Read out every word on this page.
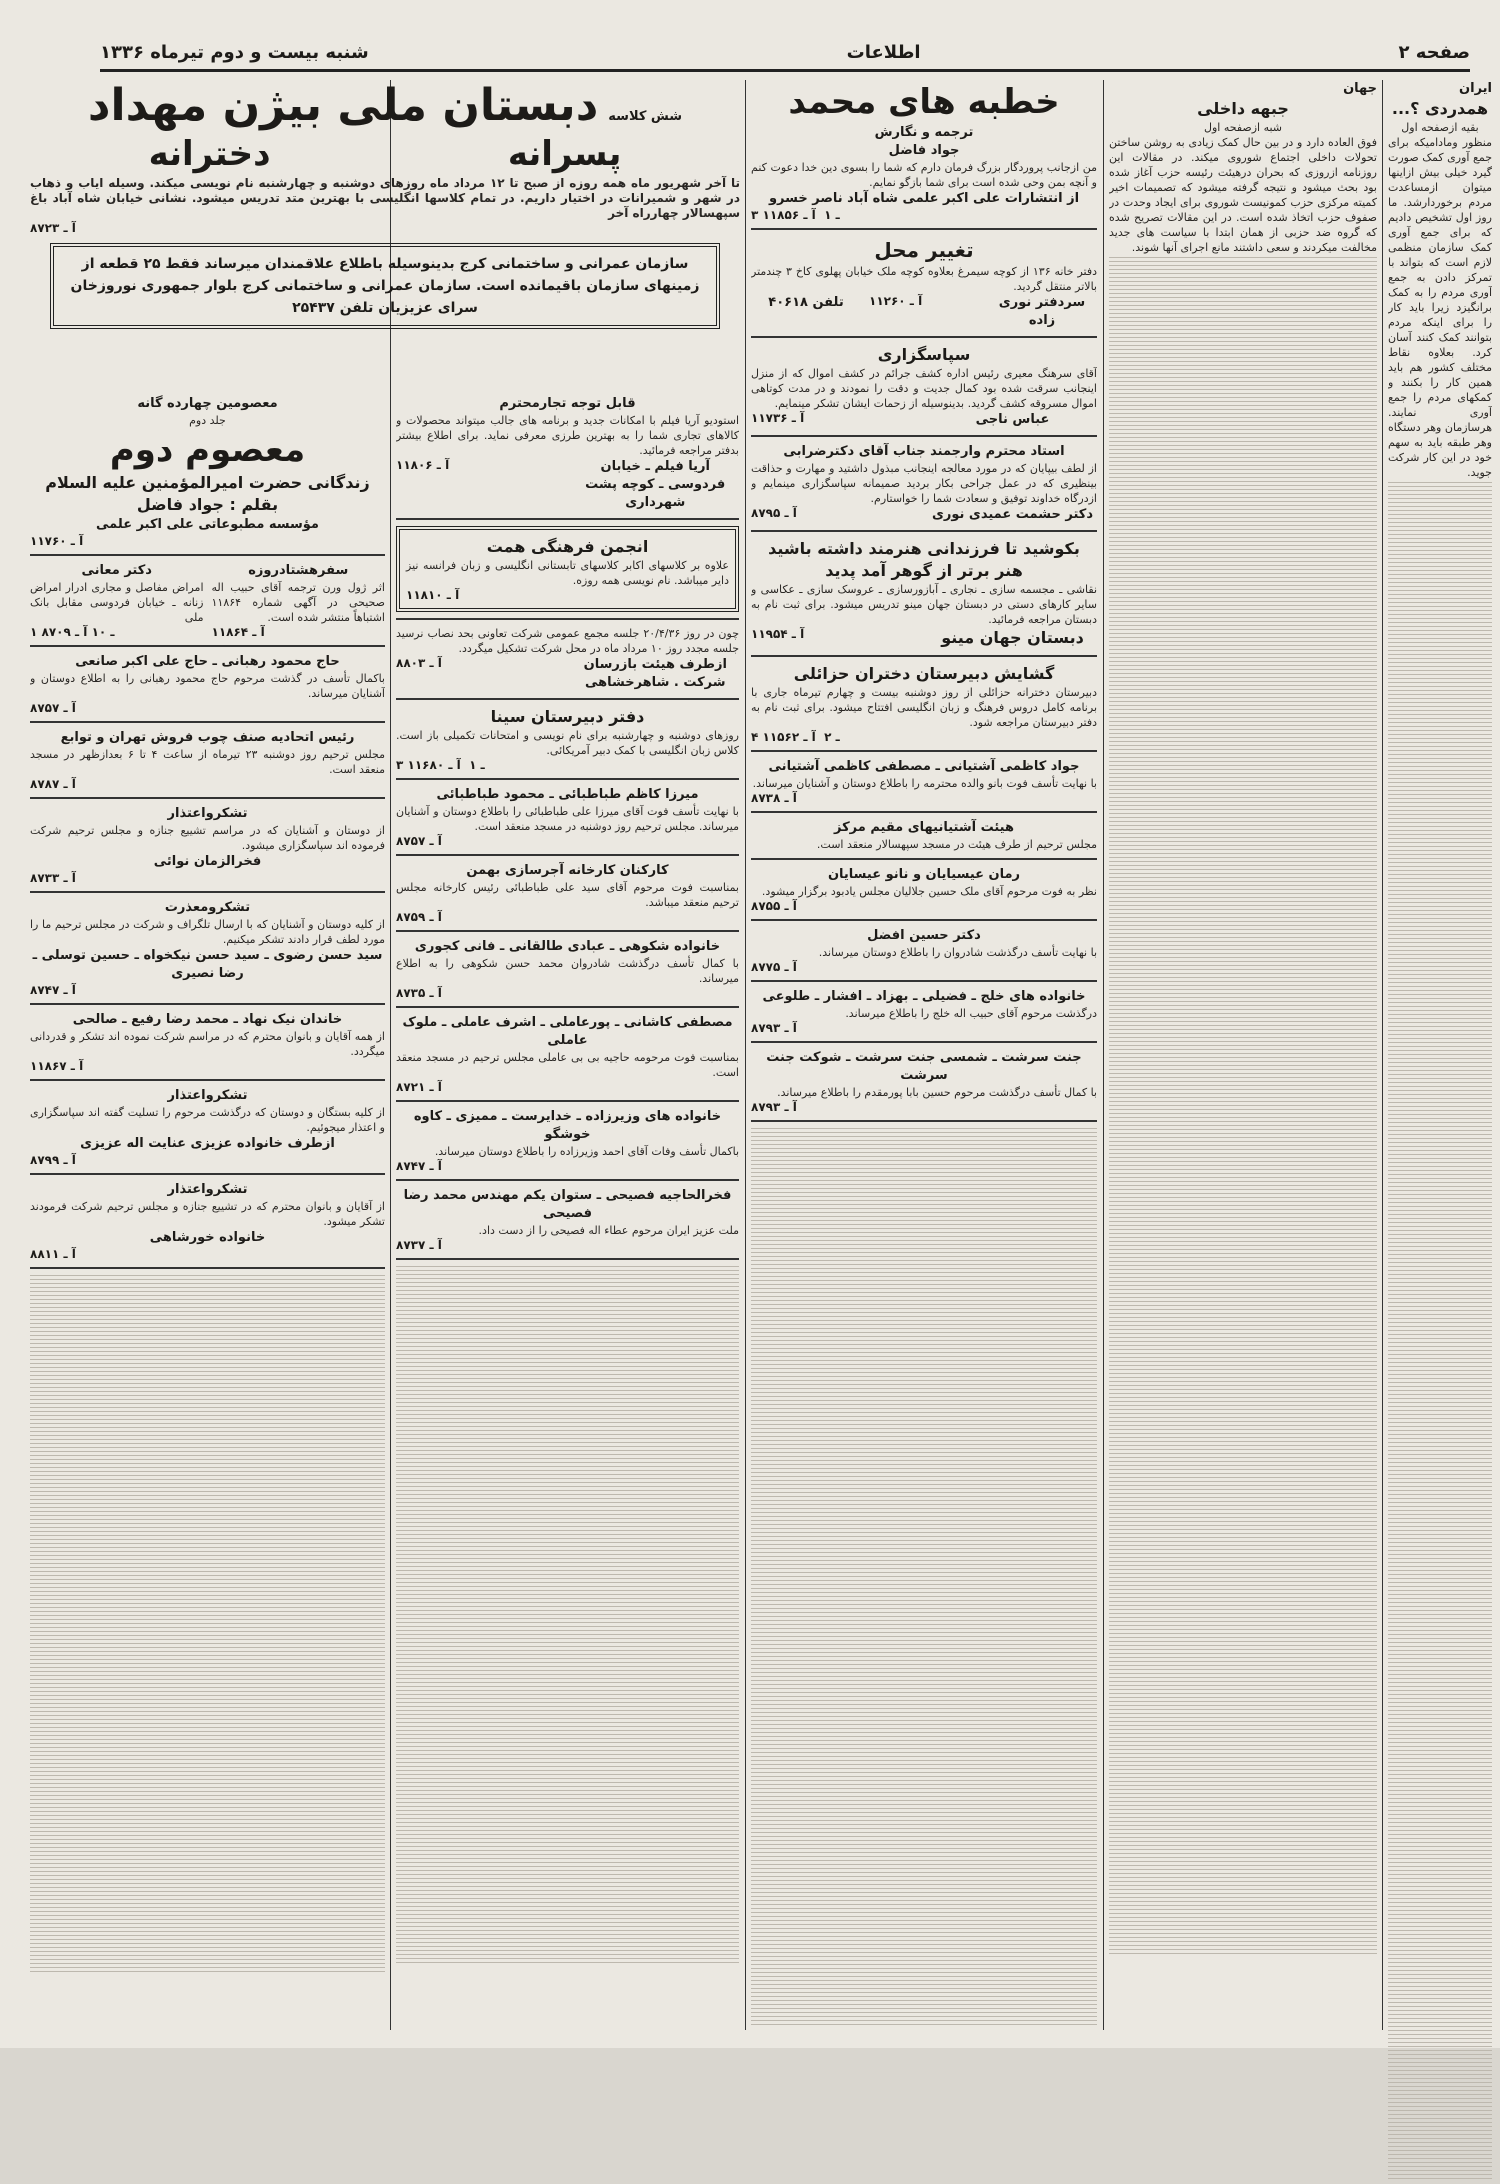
صفحه ۲
اطلاعات
شنبه بیست و دوم تیرماه ۱۳۳۶
ایران
همدردی ؟...
بقیه ازصفحه اول
منظور ومادامیکه برای جمع آوری کمک صورت گیرد خیلی بیش ازاینها میتوان ازمساعدت مردم برخوردارشد. ما روز اول تشخیص دادیم که برای جمع آوری کمک سازمان منظمی لازم است که بتواند با تمرکز دادن به جمع آوری مردم را به کمک برانگیزد زیرا باید کار را برای اینکه مردم بتوانند کمک کنند آسان کرد. بعلاوه نقاط مختلف کشور هم باید همین کار را بکنند و کمکهای مردم را جمع آوری نمایند. هرسازمان وهر دستگاه وهر طبقه باید به سهم خود در این کار شرکت جوید.
جهان
جبهه داخلی
شبه ازصفحه اول
فوق العاده دارد و در بین حال کمک زیادی به روشن ساختن تحولات داخلی اجتماع شوروی میکند. در مقالات این روزنامه ازروزی که بحران درهیئت رئیسه حزب آغاز شده بود بحث میشود و نتیجه گرفته میشود که تصمیمات اخیر کمیته مرکزی حزب کمونیست شوروی برای ایجاد وحدت در صفوف حزب اتخاذ شده است. در این مقالات تصریح شده که گروه ضد حزبی از همان ابتدا با سیاست های جدید مخالفت میکردند و سعی داشتند مانع اجرای آنها شوند.
خطبه های محمد
ترجمه و نگارش
جواد فاضل
من ازجانب پروردگار بزرگ فرمان دارم که شما را بسوی دین خدا دعوت کنم و آنچه بمن وحی شده است برای شما بازگو نمایم.
از انتشارات علی اکبر علمی شاه آباد ناصر خسرو
۳ ـ ۱  آ ـ ۱۱۸۵۶
تغییر محل
دفتر خانه ۱۳۶ از کوچه سیمرغ بعلاوه کوچه ملک خیابان پهلوی کاخ ۳ چندمتر بالاتر منتقل گردید.
سردفتر نوری زاده
آ ـ ۱۱۲۶۰
تلفن ۴۰۶۱۸
سپاسگزاری
آقای سرهنگ معیری رئیس اداره کشف جرائم در کشف اموال که از منزل اینجانب سرقت شده بود کمال جدیت و دقت را نمودند و در مدت کوتاهی اموال مسروقه کشف گردید. بدینوسیله از زحمات ایشان تشکر مینمایم.
عباس ناجی
آ ـ ۱۱۷۳۶
استاد محترم وارجمند جناب آقای دکترضرابی
از لطف بیپایان که در مورد معالجه اینجانب مبذول داشتید و مهارت و حذاقت بینظیری که در عمل جراحی بکار بردید صمیمانه سپاسگزاری مینمایم و ازدرگاه خداوند توفیق و سعادت شما را خواستارم.
دکتر حشمت عمیدی نوری
آ ـ ۸۷۹۵
بکوشید تا فرزندانی هنرمند داشته باشید
هنر برتر از گوهر آمد پدید
نقاشی ـ مجسمه سازی ـ نجاری ـ آبازورسازی ـ عروسک سازی ـ عکاسی و سایر کارهای دستی در دبستان جهان مینو تدریس میشود. برای ثبت نام به دبستان مراجعه فرمائید.
دبستان جهان مینو
آ ـ ۱۱۹۵۴
گشایش دبیرستان دختران حزائلی
دبیرستان دخترانه حزائلی از روز دوشنبه بیست و چهارم تیرماه جاری با برنامه کامل دروس فرهنگ و زبان انگلیسی افتتاح میشود. برای ثبت نام به دفتر دبیرستان مراجعه شود.
۴ ـ ۲  آ ـ ۱۱۵۶۲
جواد کاظمی آشتیانی ـ مصطفی کاظمی آشتیانی
با نهایت تأسف فوت بانو والده محترمه را باطلاع دوستان و آشنایان میرساند.
آ ـ ۸۷۳۸
هیئت آشتیانیهای مقیم مرکز
مجلس ترحیم از طرف هیئت در مسجد سپهسالار منعقد است.
رمان عیسیایان و نانو عیسایان
نظر به فوت مرحوم آقای ملک حسین جلالیان مجلس یادبود برگزار میشود.
آ ـ ۸۷۵۵
دکتر حسین افضل
با نهایت تأسف درگذشت شادروان را باطلاع دوستان میرساند.
آ ـ ۸۷۷۵
خانواده های خلج ـ فضیلی ـ بهزاد ـ افشار ـ طلوعی
درگذشت مرحوم آقای حبیب اله خلج را باطلاع میرساند.
آ ـ ۸۷۹۳
جنت سرشت ـ شمسی جنت سرشت ـ شوکت جنت سرشت
با کمال تأسف درگذشت مرحوم حسین بابا پورمقدم را باطلاع میرساند.
آ ـ ۸۷۹۳
شش کلاسه
دبستان ملی بیژن مهداد
پسرانه
دخترانه
تا آخر شهریور ماه همه روزه از صبح تا ۱۲ مرداد ماه روزهای دوشنبه و چهارشنبه نام نویسی میکند. وسیله ایاب و ذهاب در شهر و شمیرانات در اختیار داریم. در تمام کلاسها انگلیسی با بهترین متد تدریس میشود. نشانی خیابان شاه آباد باغ سپهسالار چهارراه آخر
آ ـ ۸۷۲۳
سازمان عمرانی و ساختمانی کرج بدینوسیله باطلاع علاقمندان میرساند فقط ۲۵ قطعه از زمینهای سازمان باقیمانده است. سازمان عمرانی و ساختمانی کرج بلوار جمهوری نوروزخان سرای عزیزیان تلفن ۲۵۴۳۷
قابل توجه تجارمحترم
استودیو آریا فیلم با امکانات جدید و برنامه های جالب میتواند محصولات و کالاهای تجاری شما را به بهترین طرزی معرفی نماید. برای اطلاع بیشتر بدفتر مراجعه فرمائید.
آریا فیلم ـ خیابان فردوسی ـ کوچه پشت شهرداری
آ ـ ۱۱۸۰۶
انجمن فرهنگی همت
علاوه بر کلاسهای اکابر کلاسهای تابستانی انگلیسی و زبان فرانسه نیز دایر میباشد. نام نویسی همه روزه.
آ ـ ۱۱۸۱۰
چون در روز ۲۰/۴/۳۶ جلسه مجمع عمومی شرکت تعاونی بحد نصاب نرسید جلسه مجدد روز ۱۰ مرداد ماه در محل شرکت تشکیل میگردد.
ازطرف هیئت بازرسان شرکت . شاهرخشاهی
آ ـ ۸۸۰۳
دفتر دبیرستان سینا
روزهای دوشنبه و چهارشنبه برای نام نویسی و امتحانات تکمیلی باز است. کلاس زبان انگلیسی با کمک دبیر آمریکائی.
۳ ـ ۱  آ ـ ۱۱۶۸۰
میرزا کاظم طباطبائی ـ محمود طباطبائی
با نهایت تأسف فوت آقای میرزا علی طباطبائی را باطلاع دوستان و آشنایان میرساند. مجلس ترحیم روز دوشنبه در مسجد منعقد است.
آ ـ ۸۷۵۷
کارکنان کارخانه آجرسازی بهمن
بمناسبت فوت مرحوم آقای سید علی طباطبائی رئیس کارخانه مجلس ترحیم منعقد میباشد.
آ ـ ۸۷۵۹
خانواده شکوهی ـ عبادی طالقانی ـ فانی کجوری
با کمال تأسف درگذشت شادروان محمد حسن شکوهی را به اطلاع میرساند.
آ ـ ۸۷۳۵
مصطفی کاشانی ـ پورعاملی ـ اشرف عاملی ـ ملوک عاملی
بمناسبت فوت مرحومه حاجیه بی بی عاملی مجلس ترحیم در مسجد منعقد است.
آ ـ ۸۷۲۱
خانواده های وزیرزاده ـ خدایرست ـ ممیزی ـ کاوه خوشگو
باکمال تأسف وفات آقای احمد وزیرزاده را باطلاع دوستان میرساند.
آ ـ ۸۷۴۷
فخرالحاجیه فصیحی ـ ستوان یکم مهندس محمد رضا فصیحی
ملت عزیز ایران مرحوم عطاء اله فصیحی را از دست داد.
آ ـ ۸۷۳۷
معصومین چهارده گانه
جلد دوم
معصوم دوم
زندگانی حضرت امیرالمؤمنین علیه السلام
بقلم : جواد فاضل
مؤسسه مطبوعاتی علی اکبر علمی
آ ـ ۱۱۷۶۰
سفرهشتادروزه
اثر ژول ورن ترجمه آقای حبیب اله صحیحی در آگهی شماره ۱۱۸۶۴ اشتباهاً منتشر شده است.
آ ـ ۱۱۸۶۴
دکتر معانی
امراض مفاصل و مجاری ادرار امراض زنانه ـ خیابان فردوسی مقابل بانک ملی
۱ ـ ۱۰ آ ـ ۸۷۰۹
حاج محمود رهبانی ـ حاج علی اکبر صانعی
باکمال تأسف در گذشت مرحوم حاج محمود رهبانی را به اطلاع دوستان و آشنایان میرساند.
آ ـ ۸۷۵۷
رئیس اتحادیه صنف چوب فروش تهران و توابع
مجلس ترحیم روز دوشنبه ۲۳ تیرماه از ساعت ۴ تا ۶ بعدازظهر در مسجد منعقد است.
آ ـ ۸۷۸۷
تشکرواعتذار
از دوستان و آشنایان که در مراسم تشییع جنازه و مجلس ترحیم شرکت فرموده اند سپاسگزاری میشود.
فخرالزمان نوائی
آ ـ ۸۷۳۳
تشکرومعذرت
از کلیه دوستان و آشنایان که با ارسال تلگراف و شرکت در مجلس ترحیم ما را مورد لطف قرار دادند تشکر میکنیم.
سید حسن رضوی ـ سید حسن نیکخواه ـ حسین توسلی ـ رضا نصیری
آ ـ ۸۷۴۷
خاندان نیک نهاد ـ محمد رضا رفیع ـ صالحی
از همه آقایان و بانوان محترم که در مراسم شرکت نموده اند تشکر و قدردانی میگردد.
آ ـ ۱۱۸۶۷
تشکرواعتذار
از کلیه بستگان و دوستان که درگذشت مرحوم را تسلیت گفته اند سپاسگزاری و اعتذار میجوئیم.
ازطرف خانواده عزیزی عنایت اله عزیزی
آ ـ ۸۷۹۹
تشکرواعتذار
از آقایان و بانوان محترم که در تشییع جنازه و مجلس ترحیم شرکت فرمودند تشکر میشود.
خانواده خورشاهی
آ ـ ۸۸۱۱
